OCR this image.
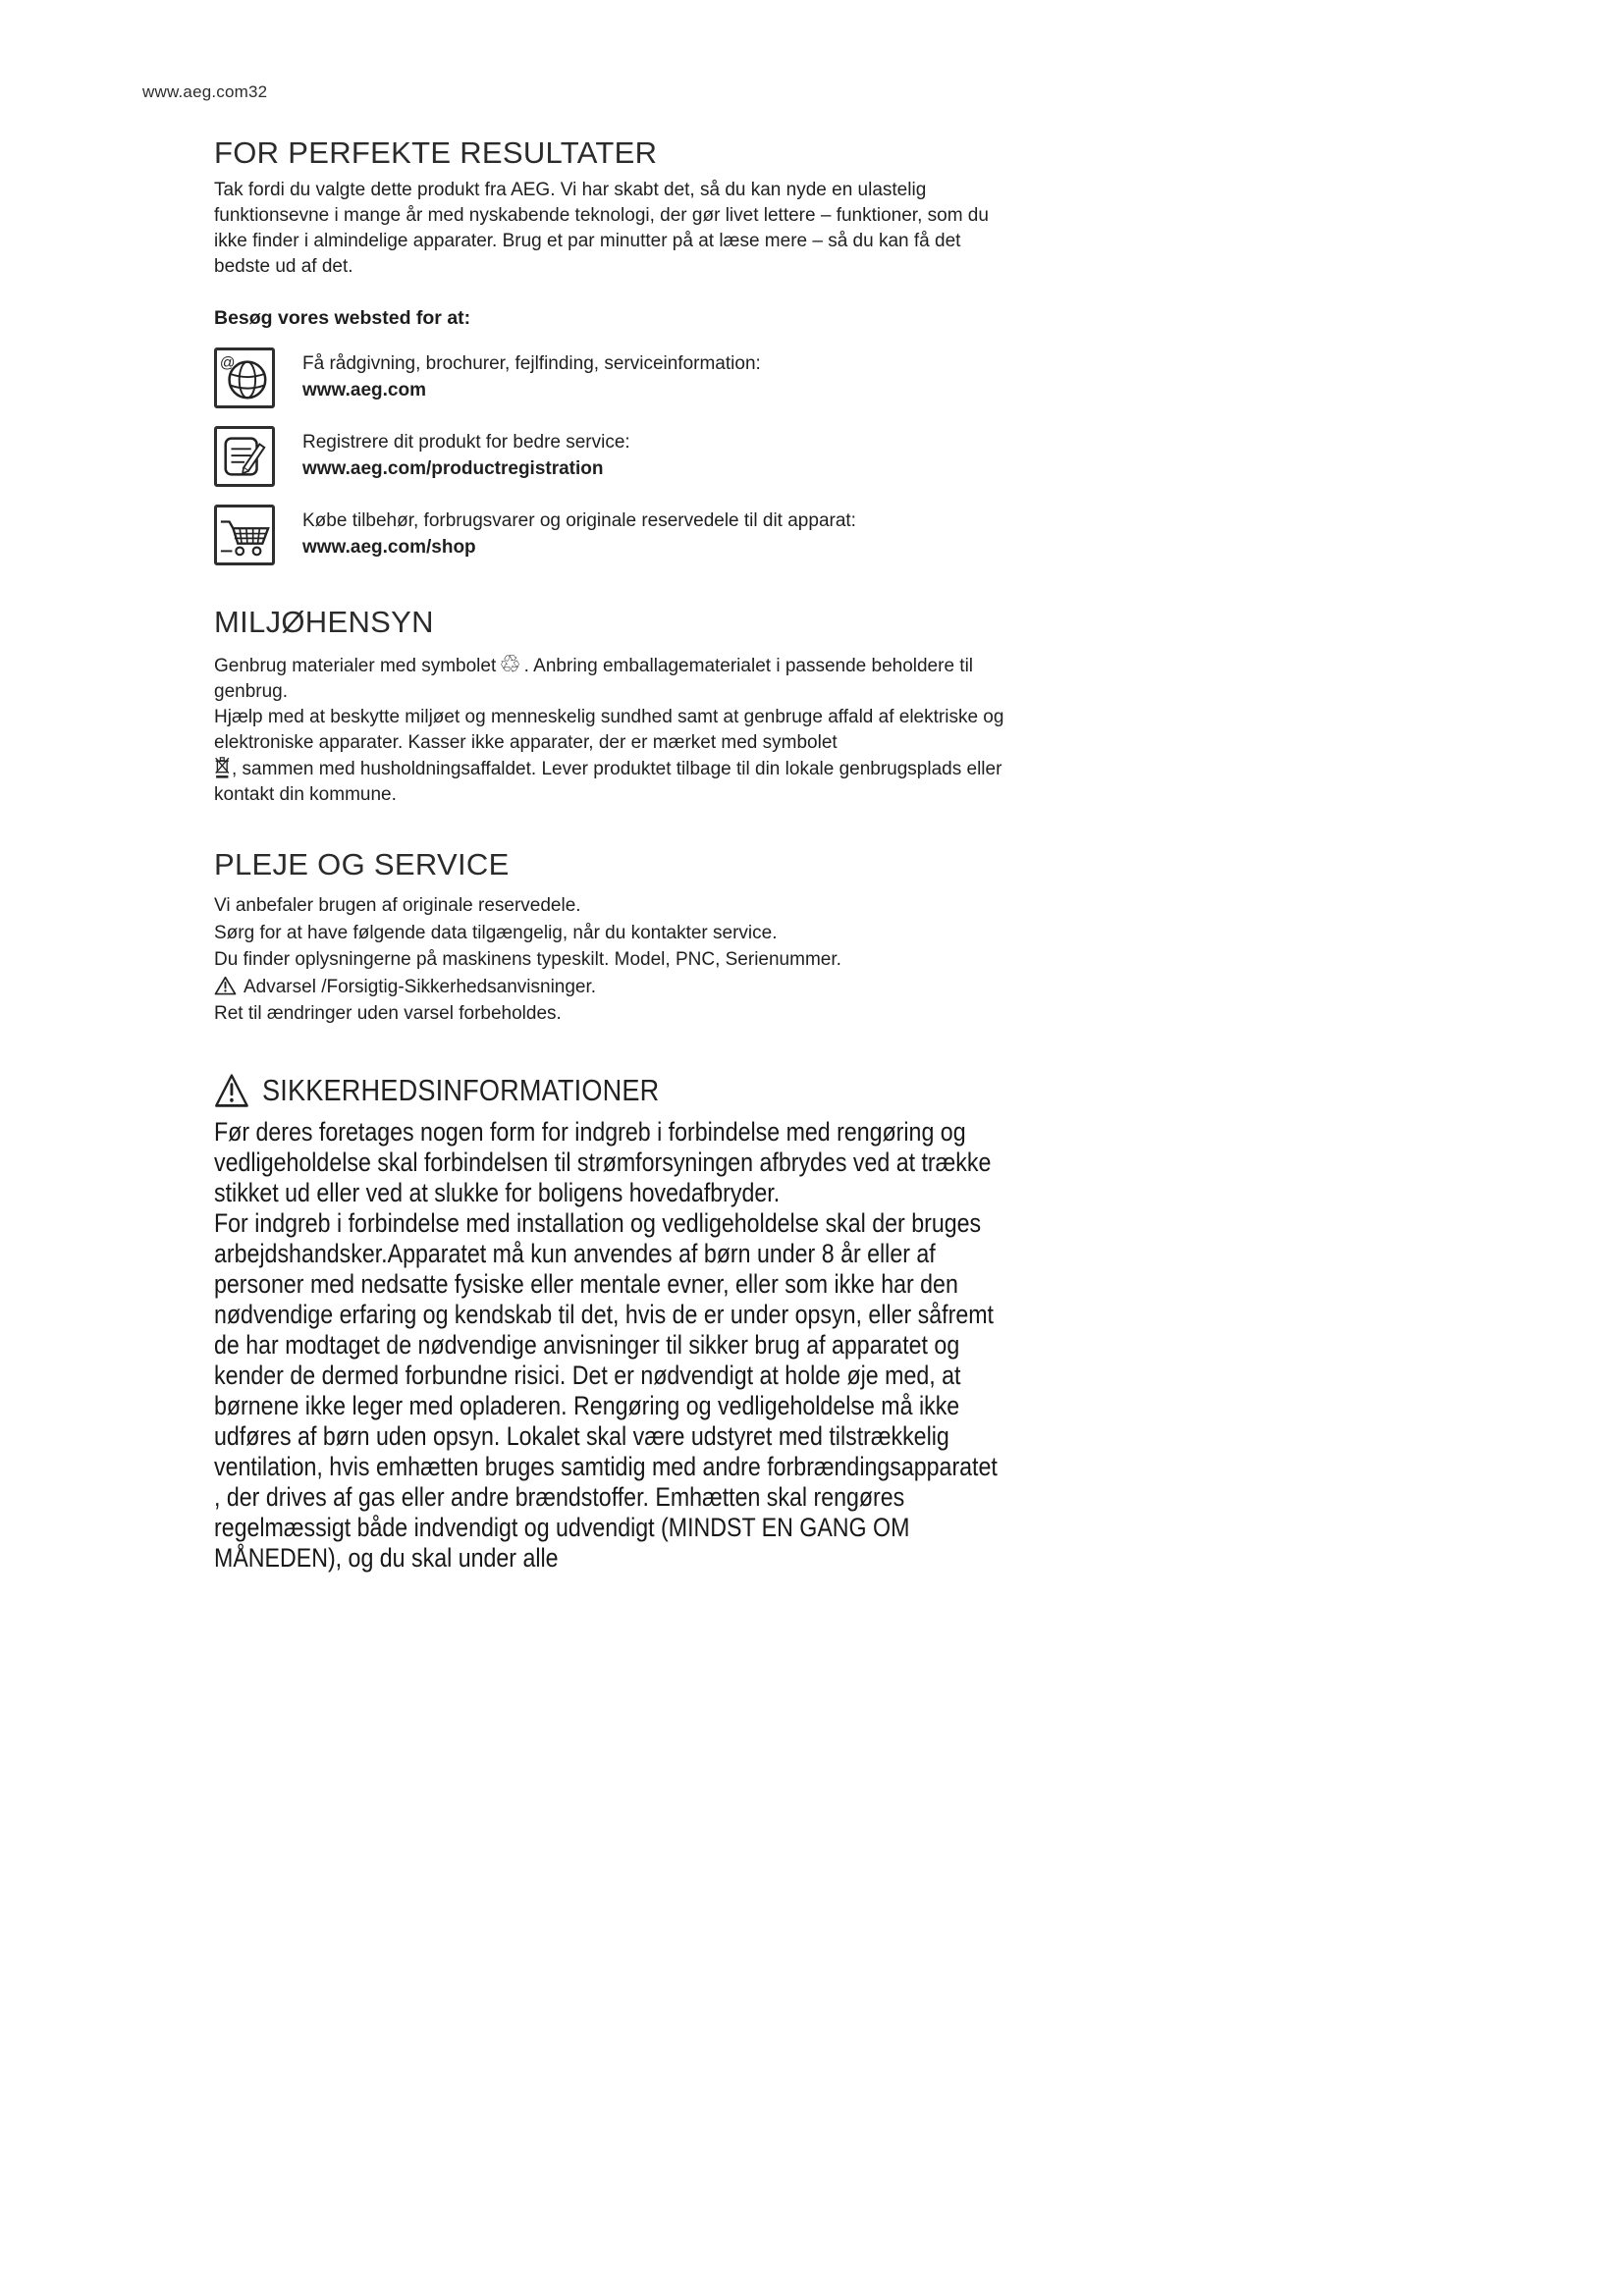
www.aeg.com32
FOR PERFEKTE RESULTATER

Tak fordi du valgte dette produkt fra AEG. Vi har skabt det, så du kan nyde en ulastelig funktionsevne i mange år med nyskabende teknologi, der gør livet lettere – funktioner, som du ikke finder i almindelige apparater. Brug et par minutter på at læse mere – så du kan få det bedste ud af det.

Besøg vores websted for at:

@	Få rådgivning, brochurer, fejlfinding, serviceinformation:
www.aeg.com
Registrere dit produkt for bedre service:
www.aeg.com/productregistration
Købe tilbehør, forbrugsvarer og originale reservedele til dit apparat:
www.aeg.com/shop
MILJØHENSYN

Genbrug materialer med symbolet ♲ . Anbring emballagematerialet i passende beholdere til genbrug.

Hjælp med at beskytte miljøet og menneskelig sundhed samt at genbruge affald af elektriske og elektroniske apparater. Kasser ikke apparater, der er mærket med symbolet

, sammen med husholdningsaffaldet. Lever produktet tilbage til din lokale genbrugsplads eller kontakt din kommune.

PLEJE OG SERVICE
Vi anbefaler brugen af originale reservedele.
Sørg for at have følgende data tilgængelig, når du kontakter service.
Du finder oplysningerne på maskinens typeskilt. Model, PNC, Serienummer.
Advarsel /Forsigtig-Sikkerhedsanvisninger.
Ret til ændringer uden varsel forbeholdes.
SIKKERHEDSINFORMATIONER

Før deres foretages nogen form for indgreb i forbindelse med rengøring og vedligeholdelse skal forbindelsen til strømforsyningen afbrydes ved at trække stikket ud eller ved at slukke for boligens hovedafbryder.

For indgreb i forbindelse med installation og vedligeholdelse skal der bruges arbejdshandsker.Apparatet må kun anvendes af børn under 8 år eller af personer med nedsatte fysiske eller mentale evner, eller som ikke har den nødvendige erfaring og kendskab til det, hvis de er under opsyn, eller såfremt de har modtaget de nødvendige anvisninger til sikker brug af apparatet og kender de dermed forbundne risici. Det er nødvendigt at holde øje med, at børnene ikke leger med opladeren. Rengøring og vedligeholdelse må ikke udføres af børn uden opsyn. Lokalet skal være udstyret med tilstrækkelig ventilation, hvis emhætten bruges samtidig med andre forbrændingsapparatet , der drives af gas eller andre brændstoffer. Emhætten skal rengøres regelmæssigt både indvendigt og udvendigt (MINDST EN GANG OM MÅNEDEN), og du skal under alle
